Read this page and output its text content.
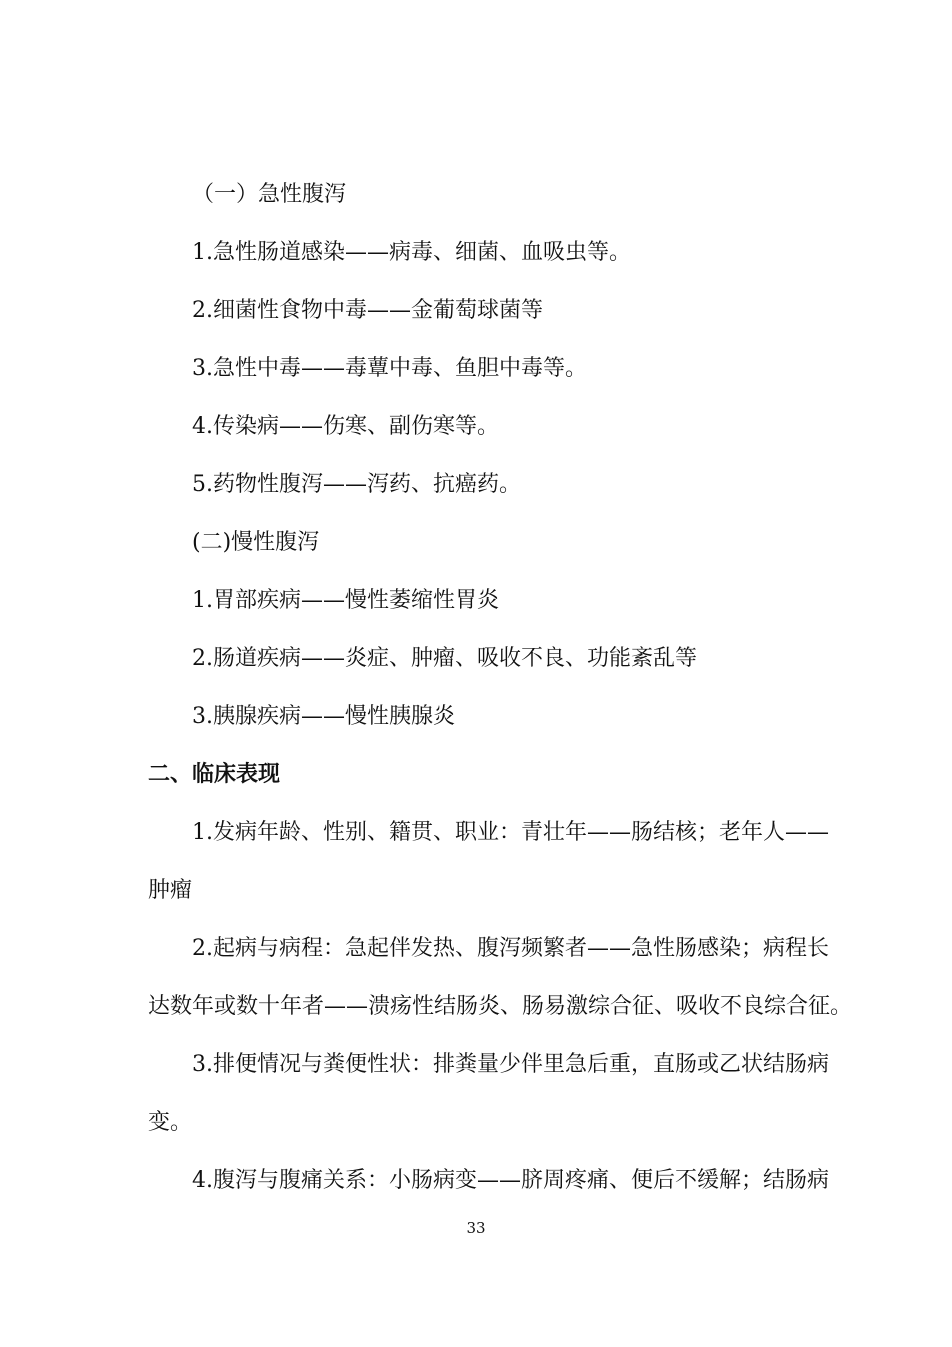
（一）急性腹泻
1.急性肠道感染——病毒、细菌、血吸虫等。
2.细菌性食物中毒——金葡萄球菌等
3.急性中毒——毒蕈中毒、鱼胆中毒等。
4.传染病——伤寒、副伤寒等。
5.药物性腹泻——泻药、抗癌药。
(二)慢性腹泻
1.胃部疾病——慢性萎缩性胃炎
2.肠道疾病——炎症、肿瘤、吸收不良、功能紊乱等
3.胰腺疾病——慢性胰腺炎
二、临床表现
1.发病年龄、性别、籍贯、职业：青壮年——肠结核；老年人——
肿瘤
2.起病与病程：急起伴发热、腹泻频繁者——急性肠感染；病程长
达数年或数十年者——溃疡性结肠炎、肠易激综合征、吸收不良综合征。
3.排便情况与粪便性状：排粪量少伴里急后重，直肠或乙状结肠病
变。
4.腹泻与腹痛关系：小肠病变——脐周疼痛、便后不缓解；结肠病
33
